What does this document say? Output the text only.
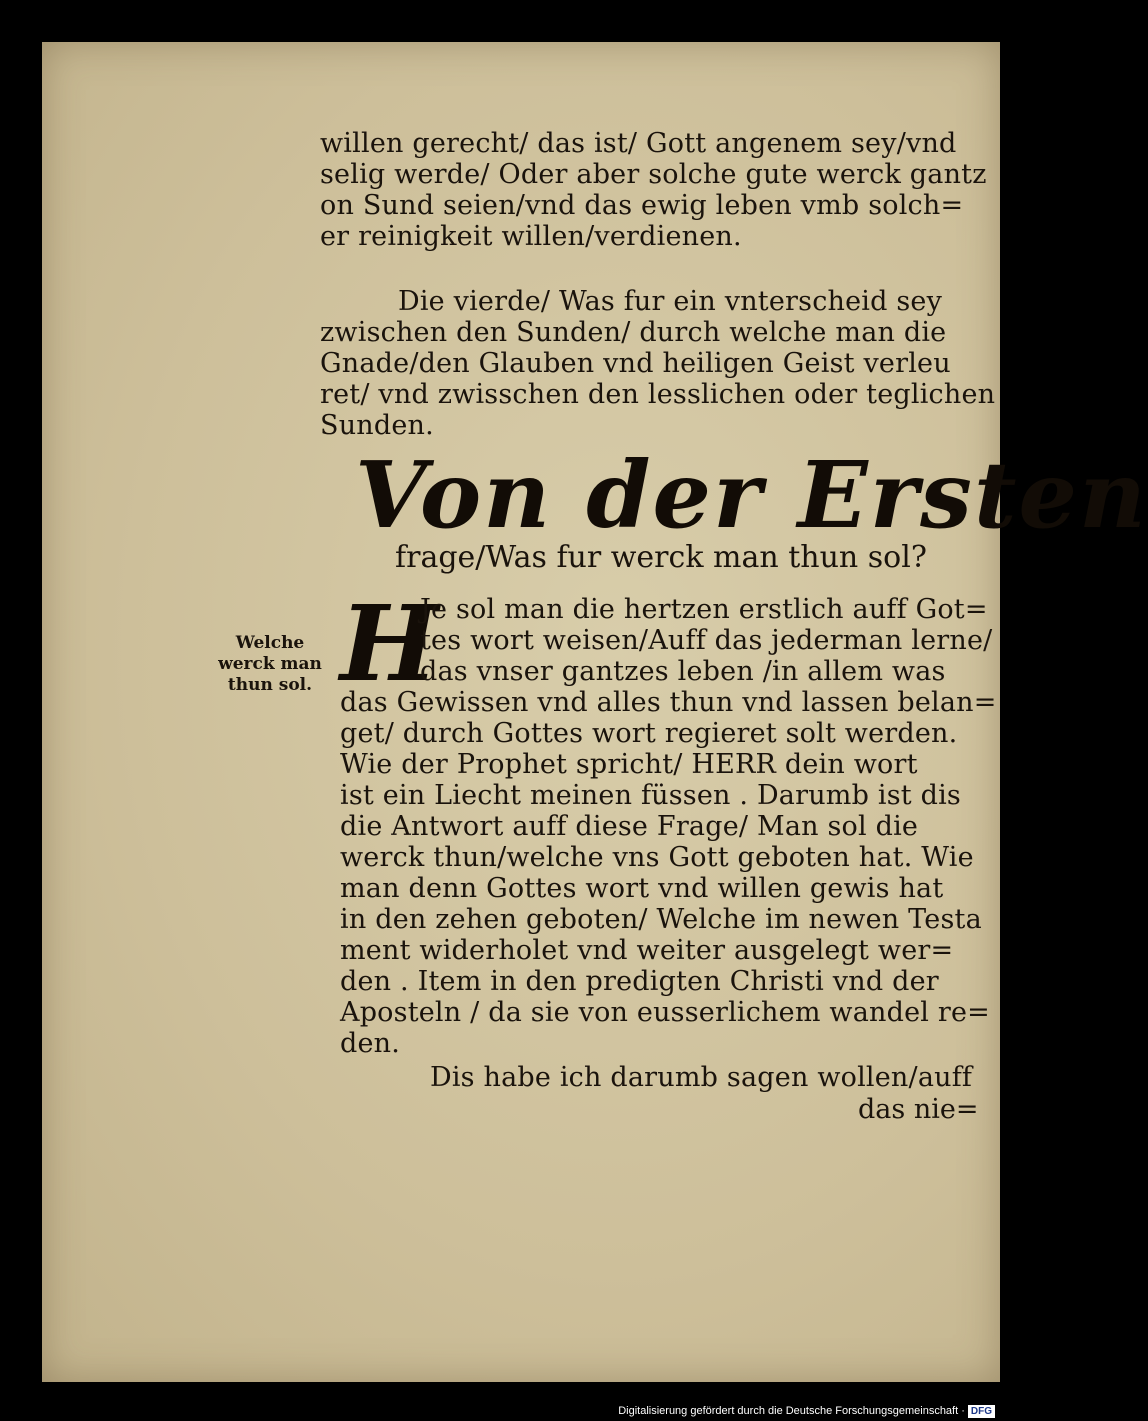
willen gerecht/ das ist/ Gott angenem sey/vnd
selig werde/ Oder aber solche gute werck gantz
on Sund seien/vnd das ewig leben vmb solch=
er reinigkeit willen/verdienen.
Die vierde/ Was fur ein vnterscheid sey
zwischen den Sunden/ durch welche man die
Gnade/den Glauben vnd heiligen Geist verleu
ret/ vnd zwisschen den lesslichen oder teglichen
Sunden.
Von der Ersten
frage/Was fur werck man thun sol?
Welche
werck man
thun sol. H
Je sol man die hertzen erstlich auff Got=
tes wort weisen/Auff das jederman lerne/
das vnser gantzes leben /in allem was
das Gewissen vnd alles thun vnd lassen belan=
get/ durch Gottes wort regieret solt werden.
Wie der Prophet spricht/ HERR dein wort
ist ein Liecht meinen füssen . Darumb ist dis
die Antwort auff diese Frage/ Man sol die
werck thun/welche vns Gott geboten hat. Wie
man denn Gottes wort vnd willen gewis hat
in den zehen geboten/ Welche im newen Testa
ment widerholet vnd weiter ausgelegt wer=
den . Item in den predigten Christi vnd der
Aposteln / da sie von eusserlichem wandel re=
den.
Dis habe ich darumb sagen wollen/auff
das nie=
Digitalisierung gefördert durch die Deutsche Forschungsgemeinschaft · DFG
